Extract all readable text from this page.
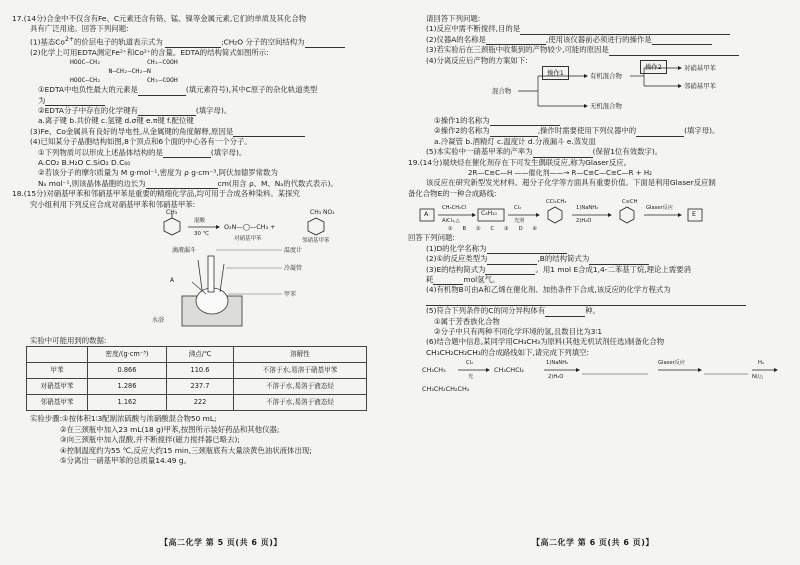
17.(14分)合金中不仅含有Fe、C元素还含有铬、锰、镍等金属元素,它们的单质及其化合物
具有广泛用途。回答下列问题:
(1)基态$Co^{2+}$的价层电子的轨道表示式为	;CH₂O 分子的空间结构为
(2)化学上可用EDTA测定Fe²⁺和Co²⁺的含量。EDTA的结构简式如图所示:
HOOC—CH₂            CH₂—COOH
N—CH₂—CH₂—N
HOOC—CH₂            CH₂—COOH
①EDTA中电负性最大的元素是	(填元素符号),其中C原子的杂化轨道类型
为
②EDTA分子中存在的化学键有	(填字母)。
a.离子键 b.共价键 c.氢键 d.σ键 e.π键 f.配位键
(3)Fe、Co金属具有良好的导电性,从金属键的角度解释,原因是
(4)已知某分子晶胞结构如图,8个顶点和6个面的中心各有一个分子。
①下列物质可以形成上述晶体结构的是	(填字母)。
A.CO₂ B.H₂O C.SiO₂ D.C₆₀
②若该分子的摩尔质量为 M g·mol⁻¹,密度为 ρ g·cm⁻³,阿伏加德罗常数为
Nₐ mol⁻¹,则该晶体晶胞的边长为	cm(用含 ρ、M、Nₐ的代数式表示)。
18.(15分)对硝基甲苯和邻硝基甲苯是重要的精细化学品,均可用于合成各种染料。某探究
究小组利用下列反应合成对硝基甲苯和邻硝基甲苯:
CH₃
混酸
30 ℃
O₂N—◯—CH₃ +
对硝基甲苯
CH₃ NO₂
邻硝基甲苯
滴液漏斗	温度计
冷凝管
甲苯
水浴
A
实验中可能用到的数据:
	密度/(g·cm⁻³)	沸点/℃	溶解性
甲苯	0.866	110.6	不溶于水,易溶于硝基甲苯
对硝基甲苯	1.286	237.7	不溶于水,易溶于液态烃
邻硝基甲苯	1.162	222	不溶于水,易溶于液态烃
实验步骤:①按体积1∶3配制浓硫酸与浓硝酸混合物50 mL;
②在三颈瓶中加入23 mL(18 g)甲苯,按图所示装好药品和其他仪器;
③向三颈瓶中加入混酸,并不断搅拌(磁力搅拌器已略去);
④控制温度约为55 ℃,反应大约15 min,三颈瓶底有大量淡黄色油状液体出现;
⑤分离出一硝基甲苯的总质量14.49 g。
【高二化学 第 5 页(共 6 页)】
请回答下列问题:
(1)反应中需不断搅拌,目的是
(2)仪器A的名称是	,使用该仪器前必须进行的操作是
(3)若实验后在三颈瓶中收集到的产物较少,可能的原因是
(4)分离反应后产物的方案如下:
混合物
操作1	有机混合物
操作2	对硝基甲苯
邻硝基甲苯
无机混合物
①操作1的名称为
②操作2的名称为	,操作时需要使用下列仪器中的	(填字母)。
a.冷凝管 b.酒精灯 c.温度计 d.分液漏斗 e.蒸发皿
(5)本实验中一硝基甲苯的产率为	(保留1位有效数字)。
19.(14分)端炔烃在催化剂存在下可发生偶联反应,称为Glaser反应。
2R—C≡C—H ——催化剂——→ R—C≡C—C≡C—R + H₂
该反应在研究新型发光材料、超分子化学等方面具有重要价值。下面是利用Glaser反应制
备化合物E的一种合成路线:
A
CH₃CH₂Cl
AlCl₃,△
C₈H₁₀
Cl₂
光照
CCl₂CH₃
1)NaNH₂
2)H₂O
C≡CH
Glaser反应
E
①      B      ②      C      ③      D      ④
回答下列问题:
(1)D的化学名称为
(2)①的反应类型为	,B的结构简式为
(3)E的结构简式为	。用1 mol E合成1,4-二苯基丁烷,理论上需要消
耗	mol氢气。
(4)有机物B可由A和乙烯在催化剂、加热条件下合成,该反应的化学方程式为
(5)符合下列条件的C的同分异构体有	种。
①属于芳香族化合物
②分子中只有两种不同化学环境的氢,且数目比为3∶1
(6)结合题中信息,某同学用CH₃CH₃为原料(其他无机试剂任选)制备化合物
CH₃CH₂CH₂CH₃的合成路线如下,请完成下列填空:
CH₃CH₃
Cl₂
光
CH₃CHCl₂
1)NaNH₂
2)H₂O
Glaser反应	H₂
Ni/△
CH₃CH₂CH₂CH₃
【高二化学 第 6 页(共 6 页)】
